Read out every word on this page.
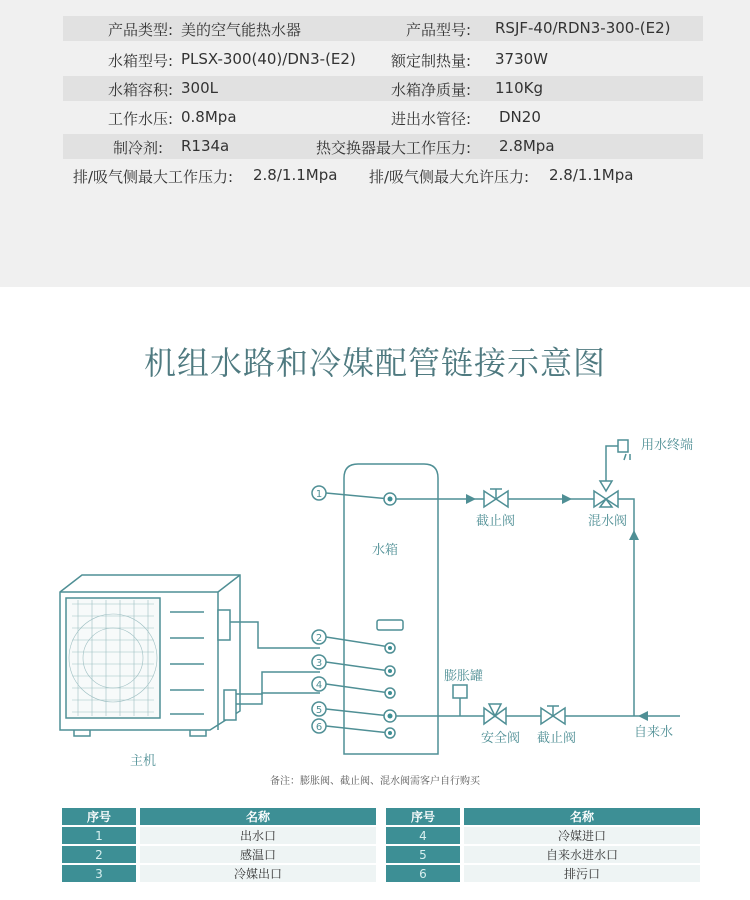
产品类型: 美的空气能热水器	产品型号: RSJF-40/RDN3-300-(E2)
水箱型号: PLSX-300(40)/DN3-(E2) 额定制热量: 3730W
水箱容积: 300L	水箱净质量: 110Kg
工作水压: 0.8Mpa	进出水管径: DN20
制冷剂: R134a	热交换器最大工作压力: 2.8Mpa
排/吸气侧最大工作压力: 2.8/1.1Mpa 排/吸气侧最大允许压力: 2.8/1.1Mpa
机组水路和冷媒配管链接示意图
1
2
3
4
5
6
用水终端
截止阀	混水阀
水箱
膨胀罐
安全阀 截止阀	自来水
主机
备注：膨胀阀、截止阀、混水阀需客户自行购买
序号		名称
1		出水口
2		感温口
3		冷媒出口
序号		名称
4		冷媒进口
5		自来水进水口
6		排污口
